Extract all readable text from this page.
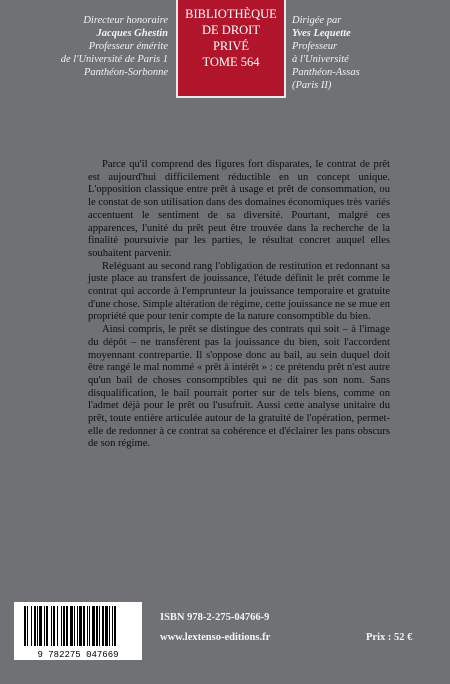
Directeur honoraire
Jacques Ghestin
Professeur émérite
de l'Université de Paris 1
Panthéon-Sorbonne
BIBLIOTHÈQUE
DE DROIT
PRIVÉ
TOME 564
Dirigée par
Yves Lequette
Professeur
à l'Université
Panthéon-Assas
(Paris II)

Parce qu'il comprend des figures fort disparates, le contrat de prêt est aujourd'hui difficilement réductible en un concept unique. L'opposition classique entre prêt à usage et prêt de consommation, ou le constat de son utilisation dans des domaines économiques très variés accentuent le sentiment de sa diversité. Pourtant, malgré ces apparences, l'unité du prêt peut être trouvée dans la recherche de la finalité poursuivie par les parties, le résultat concret auquel elles souhaitent parvenir.

Reléguant au second rang l'obligation de restitution et redonnant sa juste place au transfert de jouissance, l'étude définit le prêt comme le contrat qui accorde à l'emprunteur la jouissance temporaire et gratuite d'une chose. Simple altération de régime, cette jouissance ne se mue en propriété que pour tenir compte de la nature consomptible du bien.

Ainsi compris, le prêt se distingue des contrats qui soit – à l'image du dépôt – ne transfèrent pas la jouissance du bien, soit l'accordent moyennant contrepartie. Il s'oppose donc au bail, au sein duquel doit être rangé le mal nommé « prêt à intérêt » : ce prétendu prêt n'est autre qu'un bail de choses consomptibles qui ne dit pas son nom. Sans disqualification, le bail pourrait porter sur de tels biens, comme on l'admet déjà pour le prêt ou l'usufruit. Aussi cette analyse unitaire du prêt, toute entière articulée autour de la gratuité de l'opération, permet-elle de redonner à ce contrat sa cohérence et d'éclairer les pans obscurs de son régime.

9 782275 047669
ISBN 978-2-275-04766-9
www.lextenso-editions.fr	Prix : 52 €
